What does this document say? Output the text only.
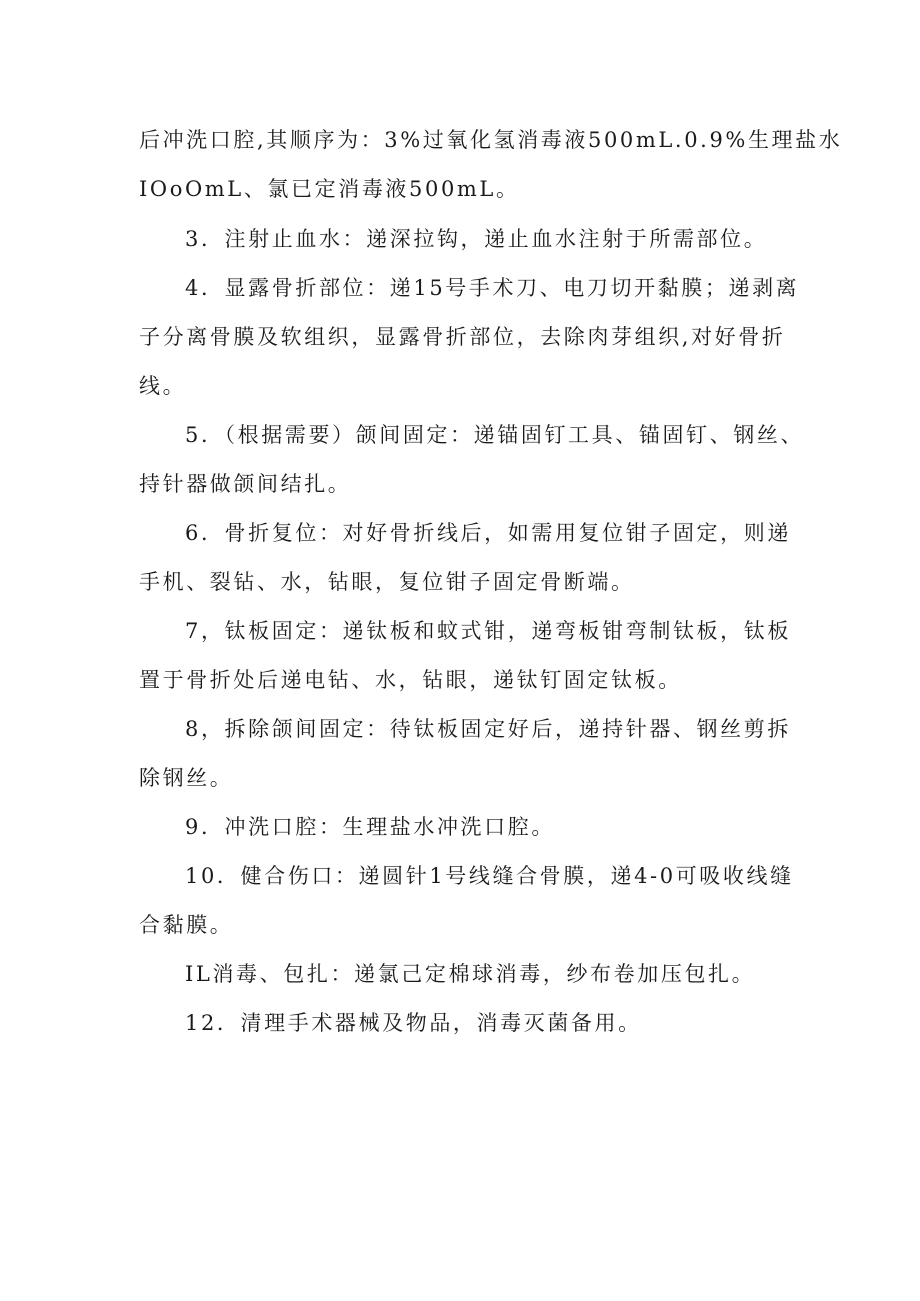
后冲洗口腔,其顺序为：3%过氧化氢消毒液500mL.0.9%生理盐水
IOoOmL、氯已定消毒液500mL。
3．注射止血水：递深拉钩，递止血水注射于所需部位。
4．显露骨折部位：递15号手术刀、电刀切开黏膜；递剥离
子分离骨膜及软组织，显露骨折部位，去除肉芽组织,对好骨折
线。
5．（根据需要）颌间固定：递锚固钉工具、锚固钉、钢丝、
持针器做颌间结扎。
6．骨折复位：对好骨折线后，如需用复位钳子固定，则递
手机、裂钻、水，钻眼，复位钳子固定骨断端。
7，钛板固定：递钛板和蚊式钳，递弯板钳弯制钛板，钛板
置于骨折处后递电钻、水，钻眼，递钛钉固定钛板。
8，拆除颌间固定：待钛板固定好后，递持针器、钢丝剪拆
除钢丝。
9．冲洗口腔：生理盐水冲洗口腔。
10．健合伤口：递圆针1号线缝合骨膜，递4-0可吸收线缝
合黏膜。
IL消毒、包扎：递氯己定棉球消毒，纱布卷加压包扎。
12．清理手术器械及物品，消毒灭菌备用。
